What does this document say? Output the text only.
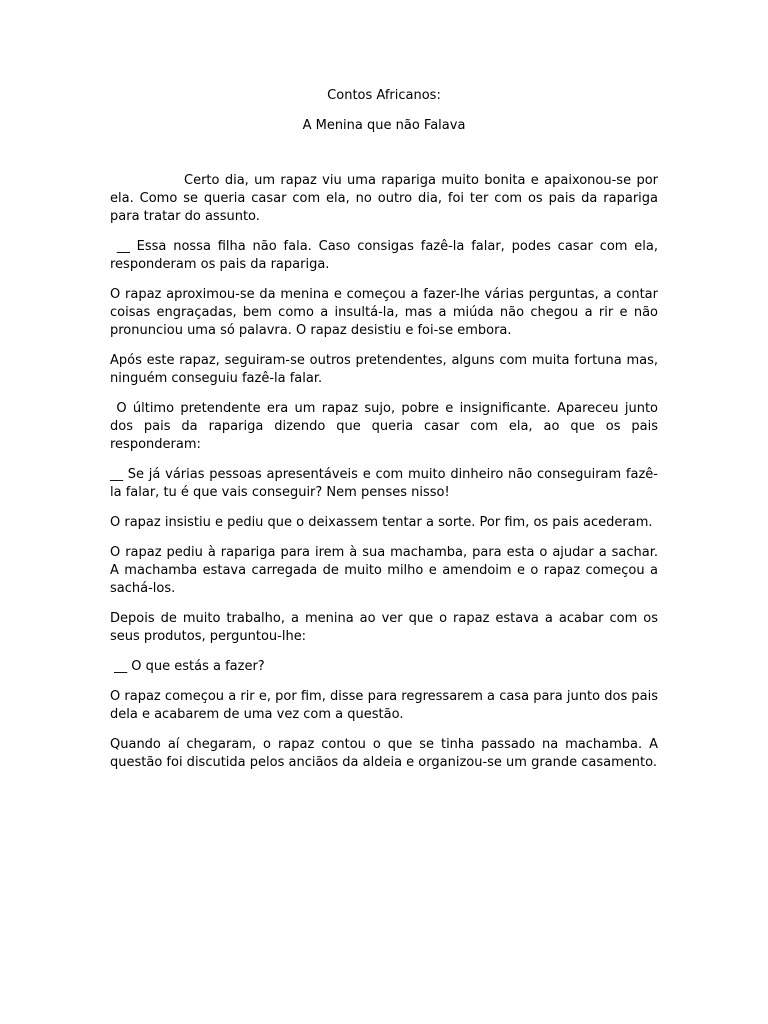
Contos Africanos:

A Menina que não Falava

Certo dia, um rapaz viu uma rapariga muito bonita e apaixonou-se por ela. Como se queria casar com ela, no outro dia, foi ter com os pais da rapariga para tratar do assunto.

__ Essa nossa filha não fala. Caso consigas fazê-la falar, podes casar com ela, responderam os pais da rapariga.

O rapaz aproximou-se da menina e começou a fazer-lhe várias perguntas, a contar coisas engraçadas, bem como a insultá-la, mas a miúda não chegou a rir e não pronunciou uma só palavra. O rapaz desistiu e foi-se embora.

Após este rapaz, seguiram-se outros pretendentes, alguns com muita fortuna mas, ninguém conseguiu fazê-la falar.

O último pretendente era um rapaz sujo, pobre e insignificante. Apareceu junto dos pais da rapariga dizendo que queria casar com ela, ao que os pais responderam:

__ Se já várias pessoas apresentáveis e com muito dinheiro não conseguiram fazê-la falar, tu é que vais conseguir? Nem penses nisso!

O rapaz insistiu e pediu que o deixassem tentar a sorte. Por fim, os pais acederam.

O rapaz pediu à rapariga para irem à sua machamba, para esta o ajudar a sachar. A machamba estava carregada de muito milho e amendoim e o rapaz começou a sachá-los.

Depois de muito trabalho, a menina ao ver que o rapaz estava a acabar com os seus produtos, perguntou-lhe:

__ O que estás a fazer?

O rapaz começou a rir e, por fim, disse para regressarem a casa para junto dos pais dela e acabarem de uma vez com a questão.

Quando aí chegaram, o rapaz contou o que se tinha passado na machamba. A questão foi discutida pelos anciãos da aldeia e organizou-se um grande casamento.
